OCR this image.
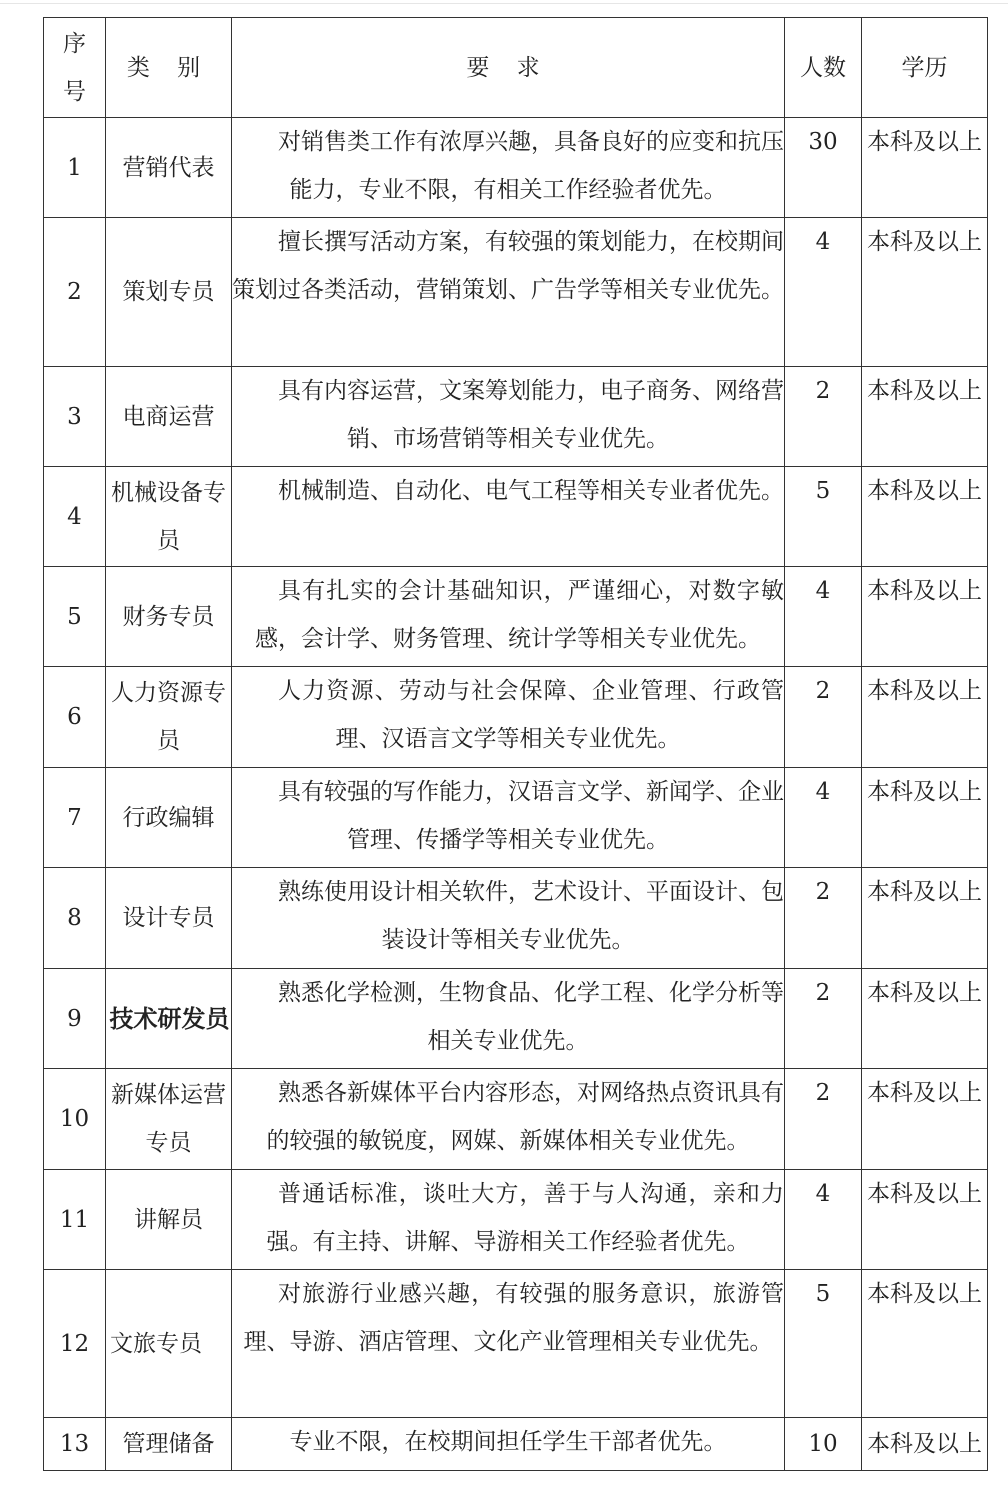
序
号	类 别	要 求	人数	学历
1	营销代表	对销售类工作有浓厚兴趣，具备良好的应变和抗压能力，专业不限，有相关工作经验者优先。	30	本科及以上
2	策划专员	擅长撰写活动方案，有较强的策划能力，在校期间策划过各类活动，营销策划、广告学等相关专业优先。	4	本科及以上
3	电商运营	具有内容运营，文案筹划能力，电子商务、网络营销、市场营销等相关专业优先。	2	本科及以上
4	机械设备专员	机械制造、自动化、电气工程等相关专业者优先。	5	本科及以上
5	财务专员	具有扎实的会计基础知识，严谨细心，对数字敏感，会计学、财务管理、统计学等相关专业优先。	4	本科及以上
6	人力资源专员	人力资源、劳动与社会保障、企业管理、行政管理、汉语言文学等相关专业优先。	2	本科及以上
7	行政编辑	具有较强的写作能力，汉语言文学、新闻学、企业管理、传播学等相关专业优先。	4	本科及以上
8	设计专员	熟练使用设计相关软件，艺术设计、平面设计、包装设计等相关专业优先。	2	本科及以上
9	技术研发员	熟悉化学检测，生物食品、化学工程、化学分析等相关专业优先。	2	本科及以上
10	新媒体运营专员	熟悉各新媒体平台内容形态，对网络热点资讯具有的较强的敏锐度，网媒、新媒体相关专业优先。	2	本科及以上
11	讲解员	普通话标准，谈吐大方，善于与人沟通，亲和力强。有主持、讲解、导游相关工作经验者优先。	4	本科及以上
12	文旅专员	对旅游行业感兴趣，有较强的服务意识，旅游管理、导游、酒店管理、文化产业管理相关专业优先。	5	本科及以上
13	管理储备	专业不限，在校期间担任学生干部者优先。	10	本科及以上
